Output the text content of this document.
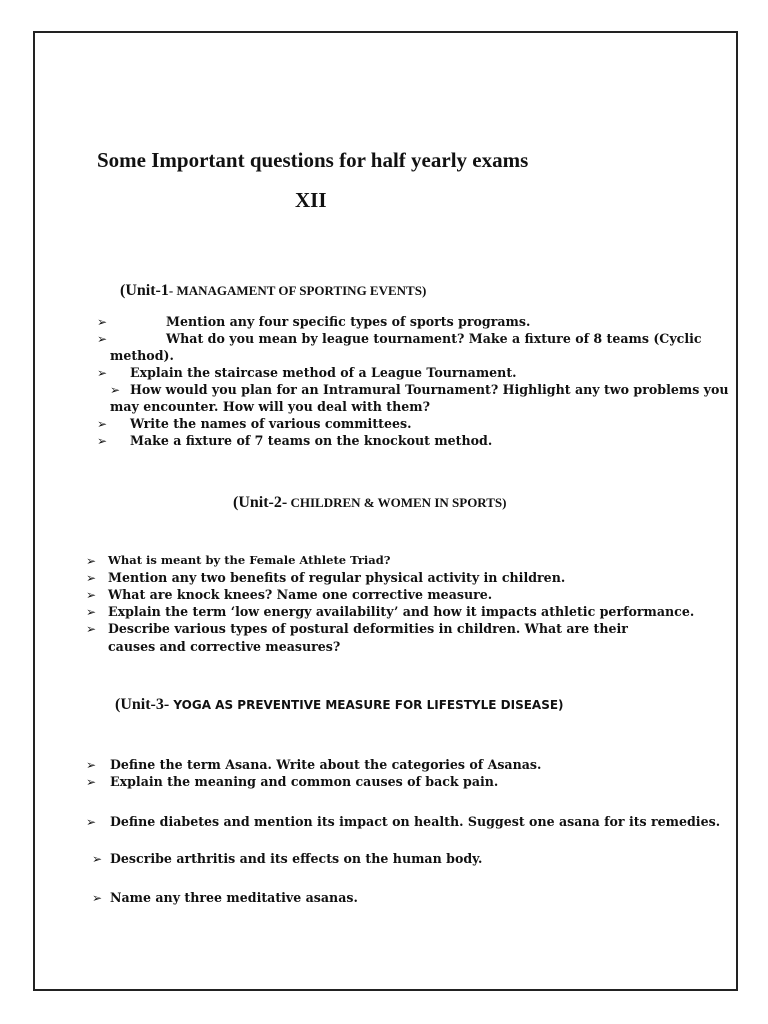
Some Important questions for half yearly exams
XII
(Unit-1- MANAGAMENT OF SPORTING EVENTS)
➢	Mention any four specific types of sports programs.
➢	What do you mean by league tournament? Make a fixture of 8 teams (Cyclic
method).
➢ Explain the staircase method of a League Tournament.
➢ How would you plan for an Intramural Tournament? Highlight any two problems you
may encounter. How will you deal with them?
➢ Write the names of various committees.
➢ Make a fixture of 7 teams on the knockout method.
(Unit-2- CHILDREN & WOMEN IN SPORTS)
➢ What is meant by the Female Athlete Triad?
➢ Mention any two benefits of regular physical activity in children.
➢ What are knock knees? Name one corrective measure.
➢ Explain the term ‘low energy availability’ and how it impacts athletic performance.
➢ Describe various types of postural deformities in children. What are their
causes and corrective measures?
(Unit-3- YOGA AS PREVENTIVE MEASURE FOR LIFESTYLE DISEASE)
➢ Define the term Asana. Write about the categories of Asanas.
➢ Explain the meaning and common causes of back pain.
➢ Define diabetes and mention its impact on health. Suggest one asana for its remedies.
➢ Describe arthritis and its effects on the human body.
➢ Name any three meditative asanas.
